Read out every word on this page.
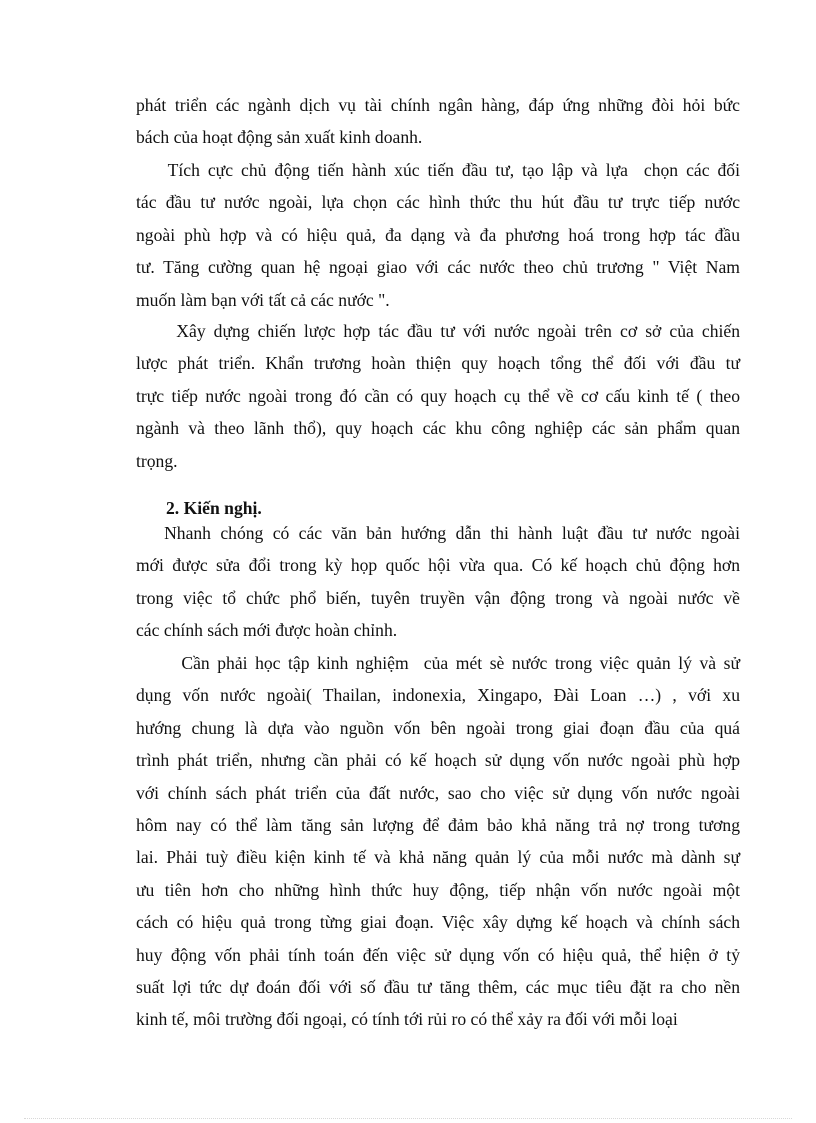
phát triển các ngành dịch vụ tài chính ngân hàng, đáp ứng những đòi hỏi bức
bách của hoạt động sản xuất kinh doanh.
Tích cực chủ động tiến hành xúc tiến đầu tư, tạo lập và lựa  chọn các đối
tác đầu tư nước ngoài, lựa chọn các hình thức thu hút đầu tư trực tiếp nước
ngoài phù hợp và có hiệu quả, đa dạng và đa phương hoá trong hợp tác đầu
tư. Tăng cường quan hệ ngoại giao với các nước theo chủ trương " Việt Nam
muốn làm bạn với tất cả các nước ".
Xây dựng chiến lược hợp tác đầu tư với nước ngoài trên cơ sở của chiến
lược phát triển. Khẩn trương hoàn thiện quy hoạch tổng thể đối với đầu tư
trực tiếp nước ngoài trong đó cần có quy hoạch cụ thể về cơ cấu kinh tế ( theo
ngành và theo lãnh thổ), quy hoạch các khu công nghiệp các sản phẩm quan
trọng.
2. Kiến nghị.
Nhanh  chóng  có  các  văn  bản  hướng  dẫn  thi  hành  luật  đầu  tư  nước  ngoài
mới được sửa đổi trong kỳ họp quốc hội vừa qua. Có kế hoạch chủ động hơn
trong việc tổ chức phổ biến, tuyên truyền vận động trong và ngoài nước về
các chính sách mới được hoàn chỉnh.
Cần phải học tập kinh nghiệm  của mét sè nước trong việc quản lý và sử
dụng vốn nước ngoài( Thailan, indonexia, Xingapo, Đài Loan …) , với xu
hướng chung là dựa vào nguồn vốn bên ngoài trong giai đoạn đầu của quá
trình phát triển, nhưng cần phải có kế hoạch sử dụng vốn nước ngoài phù hợp
với chính sách phát triển của đất nước, sao cho việc sử dụng vốn nước ngoài
hôm nay có thể làm tăng sản lượng để đảm bảo khả năng trả nợ trong tương
lai. Phải tuỳ điều kiện kinh tế và khả năng quản lý của mỗi nước mà dành sự
ưu tiên hơn cho những hình thức huy động, tiếp nhận vốn nước ngoài một
cách có hiệu quả trong từng giai đoạn. Việc xây dựng kế hoạch và chính sách
huy động vốn phải tính toán đến việc sử dụng vốn có hiệu quả, thể hiện ở tỷ
suất lợi tức dự đoán đối với số đầu tư tăng thêm, các mục tiêu đặt ra cho nền
kinh tế, môi trường đối ngoại, có tính tới rủi ro có thể xảy ra đối với mỗi loại
